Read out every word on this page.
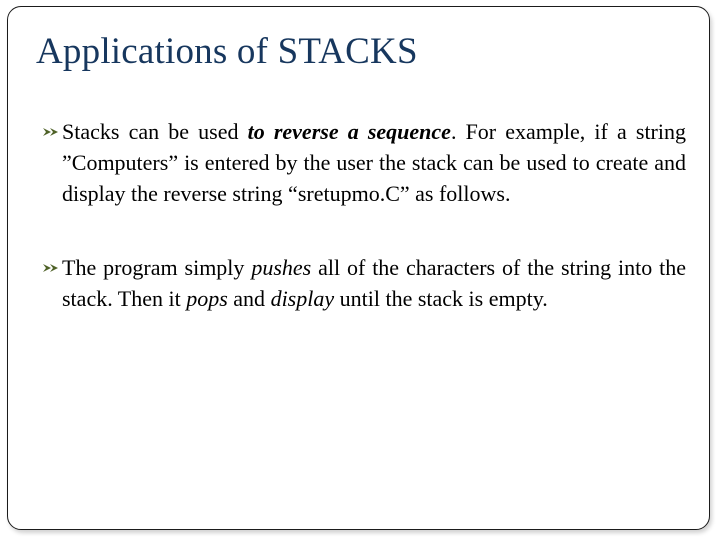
Applications of STACKS

Stacks can be used to reverse a sequence. For example, if a string ”Computers” is entered by the user the stack can be used to create and display the reverse string “sretupmo.C” as follows.

The program simply pushes all of the characters of the string into the stack. Then it pops and display until the stack is empty.
